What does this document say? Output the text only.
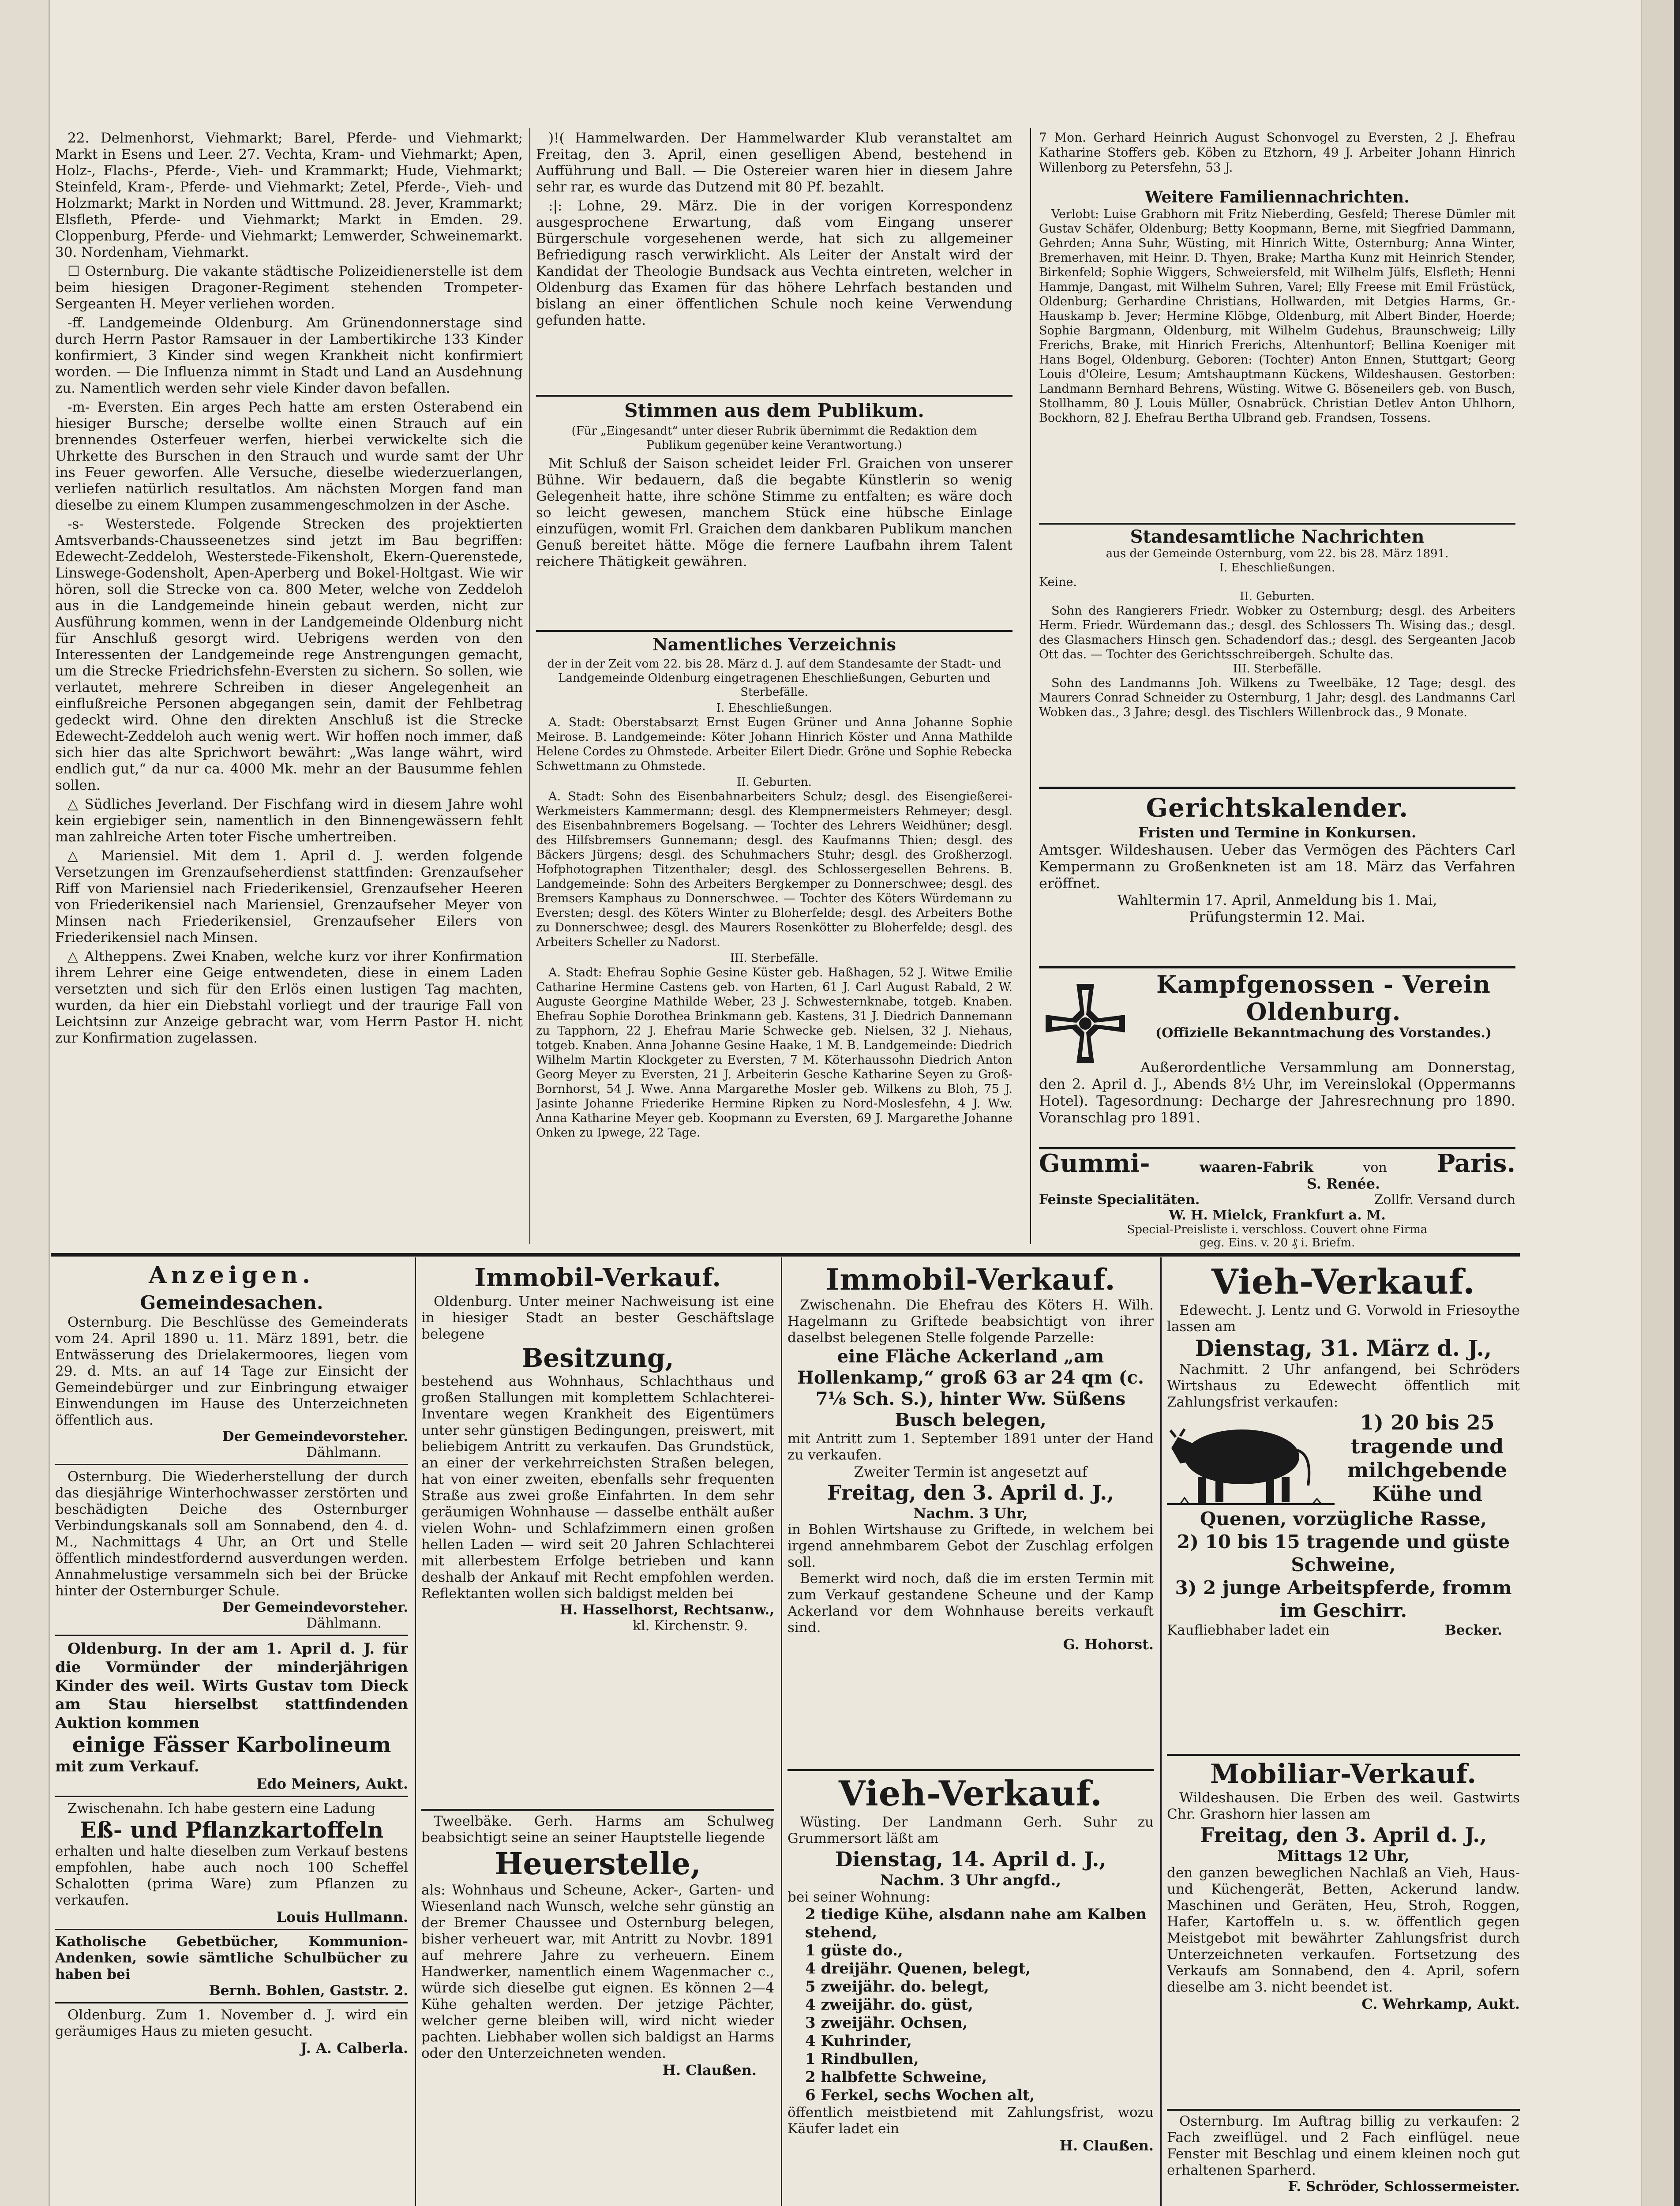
22. Delmenhorst, Viehmarkt; Barel, Pferde- und Viehmarkt; Markt in Esens und Leer. 27. Vechta, Kram- und Viehmarkt; Apen, Holz-, Flachs-, Pferde-, Vieh- und Krammarkt; Hude, Viehmarkt; Steinfeld, Kram-, Pferde- und Viehmarkt; Zetel, Pferde-, Vieh- und Holzmarkt; Markt in Norden und Wittmund. 28. Jever, Krammarkt; Elsfleth, Pferde- und Viehmarkt; Markt in Emden. 29. Cloppenburg, Pferde- und Viehmarkt; Lemwerder, Schweinemarkt. 30. Nordenham, Viehmarkt.

☐ Osternburg. Die vakante städtische Polizeidienerstelle ist dem beim hiesigen Dragoner-Regiment stehenden Trompeter-Sergeanten H. Meyer verliehen worden.

-ff. Landgemeinde Oldenburg. Am Grünendonnerstage sind durch Herrn Pastor Ramsauer in der Lambertikirche 133 Kinder konfirmiert, 3 Kinder sind wegen Krankheit nicht konfirmiert worden. — Die Influenza nimmt in Stadt und Land an Ausdehnung zu. Namentlich werden sehr viele Kinder davon befallen.

-m- Eversten. Ein arges Pech hatte am ersten Osterabend ein hiesiger Bursche; derselbe wollte einen Strauch auf ein brennendes Osterfeuer werfen, hierbei verwickelte sich die Uhrkette des Burschen in den Strauch und wurde samt der Uhr ins Feuer geworfen. Alle Versuche, dieselbe wiederzuerlangen, verliefen natürlich resultatlos. Am nächsten Morgen fand man dieselbe zu einem Klumpen zusammengeschmolzen in der Asche.

-s- Westerstede. Folgende Strecken des projektierten Amtsverbands-Chausseenetzes sind jetzt im Bau begriffen: Edewecht-Zeddeloh, Westerstede-Fikensholt, Ekern-Querenstede, Linswege-Godensholt, Apen-Aperberg und Bokel-Holtgast. Wie wir hören, soll die Strecke von ca. 800 Meter, welche von Zeddeloh aus in die Landgemeinde hinein gebaut werden, nicht zur Ausführung kommen, wenn in der Landgemeinde Oldenburg nicht für Anschluß gesorgt wird. Uebrigens werden von den Interessenten der Landgemeinde rege Anstrengungen gemacht, um die Strecke Friedrichsfehn-Eversten zu sichern. So sollen, wie verlautet, mehrere Schreiben in dieser Angelegenheit an einflußreiche Personen abgegangen sein, damit der Fehlbetrag gedeckt wird. Ohne den direkten Anschluß ist die Strecke Edewecht-Zeddeloh auch wenig wert. Wir hoffen noch immer, daß sich hier das alte Sprichwort bewährt: „Was lange währt, wird endlich gut,“ da nur ca. 4000 Mk. mehr an der Bausumme fehlen sollen.

△ Südliches Jeverland. Der Fischfang wird in diesem Jahre wohl kein ergiebiger sein, namentlich in den Binnengewässern fehlt man zahlreiche Arten toter Fische umhertreiben.

△ Mariensiel. Mit dem 1. April d. J. werden folgende Versetzungen im Grenzaufseherdienst stattfinden: Grenzaufseher Riff von Mariensiel nach Friederikensiel, Grenzaufseher Heeren von Friederikensiel nach Mariensiel, Grenzaufseher Meyer von Minsen nach Friederikensiel, Grenzaufseher Eilers von Friederikensiel nach Minsen.

△ Altheppens. Zwei Knaben, welche kurz vor ihrer Konfirmation ihrem Lehrer eine Geige entwendeten, diese in einem Laden versetzten und sich für den Erlös einen lustigen Tag machten, wurden, da hier ein Diebstahl vorliegt und der traurige Fall von Leichtsinn zur Anzeige gebracht war, vom Herrn Pastor H. nicht zur Konfirmation zugelassen.

)!( Hammelwarden. Der Hammelwarder Klub veranstaltet am Freitag, den 3. April, einen geselligen Abend, bestehend in Aufführung und Ball. — Die Ostereier waren hier in diesem Jahre sehr rar, es wurde das Dutzend mit 80 Pf. bezahlt.

:|: Lohne, 29. März. Die in der vorigen Korrespondenz ausgesprochene Erwartung, daß vom Eingang unserer Bürgerschule vorgesehenen werde, hat sich zu allgemeiner Befriedigung rasch verwirklicht. Als Leiter der Anstalt wird der Kandidat der Theologie Bundsack aus Vechta eintreten, welcher in Oldenburg das Examen für das höhere Lehrfach bestanden und bislang an einer öffentlichen Schule noch keine Verwendung gefunden hatte.

Stimmen aus dem Publikum.
(Für „Eingesandt“ unter dieser Rubrik übernimmt die Redaktion dem Publikum gegenüber keine Verantwortung.)
Mit Schluß der Saison scheidet leider Frl. Graichen von unserer Bühne. Wir bedauern, daß die begabte Künstlerin so wenig Gelegenheit hatte, ihre schöne Stimme zu entfalten; es wäre doch so leicht gewesen, manchem Stück eine hübsche Einlage einzufügen, womit Frl. Graichen dem dankbaren Publikum manchen Genuß bereitet hätte. Möge die fernere Laufbahn ihrem Talent reichere Thätigkeit gewähren.
Namentliches Verzeichnis
der in der Zeit vom 22. bis 28. März d. J. auf dem Standesamte der Stadt- und Landgemeinde Oldenburg eingetragenen Eheschließungen, Geburten und Sterbefälle.
I. Eheschließungen.
A. Stadt: Oberstabsarzt Ernst Eugen Grüner und Anna Johanne Sophie Meirose. B. Landgemeinde: Köter Johann Hinrich Köster und Anna Mathilde Helene Cordes zu Ohmstede. Arbeiter Eilert Diedr. Gröne und Sophie Rebecka Schwettmann zu Ohmstede.
II. Geburten.
A. Stadt: Sohn des Eisenbahnarbeiters Schulz; desgl. des Eisengießerei-Werkmeisters Kammermann; desgl. des Klempnermeisters Rehmeyer; desgl. des Eisenbahnbremers Bogelsang. — Tochter des Lehrers Weidhüner; desgl. des Hilfsbremsers Gunnemann; desgl. des Kaufmanns Thien; desgl. des Bäckers Jürgens; desgl. des Schuhmachers Stuhr; desgl. des Großherzogl. Hofphotographen Titzenthaler; desgl. des Schlossergesellen Behrens. B. Landgemeinde: Sohn des Arbeiters Bergkemper zu Donnerschwee; desgl. des Bremsers Kamphaus zu Donnerschwee. — Tochter des Köters Würdemann zu Eversten; desgl. des Köters Winter zu Bloherfelde; desgl. des Arbeiters Bothe zu Donnerschwee; desgl. des Maurers Rosenkötter zu Bloherfelde; desgl. des Arbeiters Scheller zu Nadorst.
III. Sterbefälle.
A. Stadt: Ehefrau Sophie Gesine Küster geb. Haßhagen, 52 J. Witwe Emilie Catharine Hermine Castens geb. von Harten, 61 J. Carl August Rabald, 2 W. Auguste Georgine Mathilde Weber, 23 J. Schwesternknabe, totgeb. Knaben. Ehefrau Sophie Dorothea Brinkmann geb. Kastens, 31 J. Diedrich Dannemann zu Tapphorn, 22 J. Ehefrau Marie Schwecke geb. Nielsen, 32 J. Niehaus, totgeb. Knaben. Anna Johanne Gesine Haake, 1 M. B. Landgemeinde: Diedrich Wilhelm Martin Klockgeter zu Eversten, 7 M. Köterhaussohn Diedrich Anton Georg Meyer zu Eversten, 21 J. Arbeiterin Gesche Katharine Seyen zu Groß-Bornhorst, 54 J. Wwe. Anna Margarethe Mosler geb. Wilkens zu Bloh, 75 J. Jasinte Johanne Friederike Hermine Ripken zu Nord-Moslesfehn, 4 J. Ww. Anna Katharine Meyer geb. Koopmann zu Eversten, 69 J. Margarethe Johanne Onken zu Ipwege, 22 Tage.
7 Mon. Gerhard Heinrich August Schonvogel zu Eversten, 2 J. Ehefrau Katharine Stoffers geb. Köben zu Etzhorn, 49 J. Arbeiter Johann Hinrich Willenborg zu Petersfehn, 53 J.
Weitere Familiennachrichten.
Verlobt: Luise Grabhorn mit Fritz Nieberding, Gesfeld; Therese Dümler mit Gustav Schäfer, Oldenburg; Betty Koopmann, Berne, mit Siegfried Dammann, Gehrden; Anna Suhr, Wüsting, mit Hinrich Witte, Osternburg; Anna Winter, Bremerhaven, mit Heinr. D. Thyen, Brake; Martha Kunz mit Heinrich Stender, Birkenfeld; Sophie Wiggers, Schweiersfeld, mit Wilhelm Jülfs, Elsfleth; Henni Hammje, Dangast, mit Wilhelm Suhren, Varel; Elly Freese mit Emil Früstück, Oldenburg; Gerhardine Christians, Hollwarden, mit Detgies Harms, Gr.-Hauskamp b. Jever; Hermine Klöbge, Oldenburg, mit Albert Binder, Hoerde; Sophie Bargmann, Oldenburg, mit Wilhelm Gudehus, Braunschweig; Lilly Frerichs, Brake, mit Hinrich Frerichs, Altenhuntorf; Bellina Koeniger mit Hans Bogel, Oldenburg. Geboren: (Tochter) Anton Ennen, Stuttgart; Georg Louis d'Oleire, Lesum; Amtshauptmann Kückens, Wildeshausen. Gestorben: Landmann Bernhard Behrens, Wüsting. Witwe G. Böseneilers geb. von Busch, Stollhamm, 80 J. Louis Müller, Osnabrück. Christian Detlev Anton Uhlhorn, Bockhorn, 82 J. Ehefrau Bertha Ulbrand geb. Frandsen, Tossens.
Standesamtliche Nachrichten
aus der Gemeinde Osternburg, vom 22. bis 28. März 1891.
I. Eheschließungen.
Keine.
II. Geburten.
Sohn des Rangierers Friedr. Wobker zu Osternburg; desgl. des Arbeiters Herm. Friedr. Würdemann das.; desgl. des Schlossers Th. Wising das.; desgl. des Glasmachers Hinsch gen. Schadendorf das.; desgl. des Sergeanten Jacob Ott das. — Tochter des Gerichtsschreibergeh. Schulte das.
III. Sterbefälle.
Sohn des Landmanns Joh. Wilkens zu Tweelbäke, 12 Tage; desgl. des Maurers Conrad Schneider zu Osternburg, 1 Jahr; desgl. des Landmanns Carl Wobken das., 3 Jahre; desgl. des Tischlers Willenbrock das., 9 Monate.
Gerichtskalender.
Fristen und Termine in Konkursen.
Amtsger. Wildeshausen. Ueber das Vermögen des Pächters Carl Kempermann zu Großenkneten ist am 18. März das Verfahren eröffnet.
Wahltermin 17. April, Anmeldung bis 1. Mai,
Prüfungstermin 12. Mai.
Kampfgenossen - Verein
Oldenburg.
(Offizielle Bekanntmachung des Vorstandes.)
Außerordentliche Versammlung am Donnerstag, den 2. April d. J., Abends 8½ Uhr, im Vereinslokal (Oppermanns Hotel). Tagesordnung: Decharge der Jahresrechnung pro 1890. Voranschlag pro 1891.
Gummi-	waaren-Fabrik	von Paris.
S. Renée.
Feinste Specialitäten.	Zollfr. Versand durch
W. H. Mielck, Frankfurt a. M.
Special-Preisliste i. verschloss. Couvert ohne Firma
geg. Eins. v. 20 ₰ i. Briefm.
Anzeigen.
Gemeindesachen.
Osternburg. Die Beschlüsse des Gemeinderats vom 24. April 1890 u. 11. März 1891, betr. die Entwässerung des Drielakermoores, liegen vom 29. d. Mts. an auf 14 Tage zur Einsicht der Gemeindebürger und zur Einbringung etwaiger Einwendungen im Hause des Unterzeichneten öffentlich aus.
Der Gemeindevorsteher.
Dählmann.
Osternburg. Die Wiederherstellung der durch das diesjährige Winterhochwasser zerstörten und beschädigten Deiche des Osternburger Verbindungskanals soll am Sonnabend, den 4. d. M., Nachmittags 4 Uhr, an Ort und Stelle öffentlich mindestfordernd ausverdungen werden. Annahmelustige versammeln sich bei der Brücke hinter der Osternburger Schule.
Der Gemeindevorsteher.
Dählmann.
Oldenburg. In der am 1. April d. J. für die Vormünder der minderjährigen Kinder des weil. Wirts Gustav tom Dieck am Stau hierselbst stattfindenden Auktion kommen
einige Fässer Karbolineum
mit zum Verkauf.
Edo Meiners, Aukt.
Zwischenahn. Ich habe gestern eine Ladung
Eß- und Pflanzkartoffeln
erhalten und halte dieselben zum Verkauf bestens empfohlen, habe auch noch 100 Scheffel Schalotten (prima Ware) zum Pflanzen zu verkaufen.
Louis Hullmann.
Katholische Gebetbücher, Kommunion-Andenken, sowie sämtliche Schulbücher zu haben bei
Bernh. Bohlen, Gaststr. 2.
Oldenburg. Zum 1. November d. J. wird ein geräumiges Haus zu mieten gesucht.
J. A. Calberla.
Immobil-Verkauf.
Oldenburg. Unter meiner Nachweisung ist eine in hiesiger Stadt an bester Geschäftslage belegene
Besitzung,
bestehend aus Wohnhaus, Schlachthaus und großen Stallungen mit komplettem Schlachterei-Inventare wegen Krankheit des Eigentümers unter sehr günstigen Bedingungen, preiswert, mit beliebigem Antritt zu verkaufen. Das Grundstück, an einer der verkehrreichsten Straßen belegen, hat von einer zweiten, ebenfalls sehr frequenten Straße aus zwei große Einfahrten. In dem sehr geräumigen Wohnhause — dasselbe enthält außer vielen Wohn- und Schlafzimmern einen großen hellen Laden — wird seit 20 Jahren Schlachterei mit allerbestem Erfolge betrieben und kann deshalb der Ankauf mit Recht empfohlen werden. Reflektanten wollen sich baldigst melden bei
H. Hasselhorst, Rechtsanw.,
kl. Kirchenstr. 9.
Tweelbäke. Gerh. Harms am Schulweg beabsichtigt seine an seiner Hauptstelle liegende
Heuerstelle,
als: Wohnhaus und Scheune, Acker-, Garten- und Wiesenland nach Wunsch, welche sehr günstig an der Bremer Chaussee und Osternburg belegen, bisher verheuert war, mit Antritt zu Novbr. 1891 auf mehrere Jahre zu verheuern. Einem Handwerker, namentlich einem Wagenmacher c., würde sich dieselbe gut eignen. Es können 2—4 Kühe gehalten werden. Der jetzige Pächter, welcher gerne bleiben will, wird nicht wieder pachten. Liebhaber wollen sich baldigst an Harms oder den Unterzeichneten wenden.
H. Claußen.
Immobil-Verkauf.
Zwischenahn. Die Ehefrau des Köters H. Wilh. Hagelmann zu Griftede beabsichtigt von ihrer daselbst belegenen Stelle folgende Parzelle:
eine Fläche Ackerland „am Hollenkamp,“ groß 63 ar 24 qm (c. 7⅛ Sch. S.), hinter Ww. Süßens Busch belegen,
mit Antritt zum 1. September 1891 unter der Hand zu verkaufen.
Zweiter Termin ist angesetzt auf
Freitag, den 3. April d. J.,
Nachm. 3 Uhr,
in Bohlen Wirtshause zu Griftede, in welchem bei irgend annehmbarem Gebot der Zuschlag erfolgen soll.
Bemerkt wird noch, daß die im ersten Termin mit zum Verkauf gestandene Scheune und der Kamp Ackerland vor dem Wohnhause bereits verkauft sind.
G. Hohorst.
Vieh-Verkauf.
Wüsting. Der Landmann Gerh. Suhr zu Grummersort läßt am
Dienstag, 14. April d. J.,
Nachm. 3 Uhr angfd.,
bei seiner Wohnung:
2 tiedige Kühe, alsdann nahe am Kalben stehend,
1 güste do.,
4 dreijähr. Quenen, belegt,
5 zweijähr. do. belegt,
4 zweijähr. do. güst,
3 zweijähr. Ochsen,
4 Kuhrinder,
1 Rindbullen,
2 halbfette Schweine,
6 Ferkel, sechs Wochen alt,
öffentlich meistbietend mit Zahlungsfrist, wozu Käufer ladet ein
H. Claußen.
Vieh-Verkauf.
Edewecht. J. Lentz und G. Vorwold in Friesoythe lassen am
Dienstag, 31. März d. J.,
Nachmitt. 2 Uhr anfangend, bei Schröders Wirtshaus zu Edewecht öffentlich mit Zahlungsfrist verkaufen:
1) 20 bis 25 tragende und milchgebende Kühe und
Quenen, vorzügliche Rasse,
2) 10 bis 15 tragende und güste Schweine,
3) 2 junge Arbeitspferde, fromm im Geschirr.
Kaufliebhaber ladet ein	Becker.
Mobiliar-Verkauf.
Wildeshausen. Die Erben des weil. Gastwirts Chr. Grashorn hier lassen am
Freitag, den 3. April d. J.,
Mittags 12 Uhr,
den ganzen beweglichen Nachlaß an Vieh, Haus- und Küchengerät, Betten, Ackerund landw. Maschinen und Geräten, Heu, Stroh, Roggen, Hafer, Kartoffeln u. s. w. öffentlich gegen Meistgebot mit bewährter Zahlungsfrist durch Unterzeichneten verkaufen. Fortsetzung des Verkaufs am Sonnabend, den 4. April, sofern dieselbe am 3. nicht beendet ist.
C. Wehrkamp, Aukt.
Osternburg. Im Auftrag billig zu verkaufen: 2 Fach zweiflügel. und 2 Fach einflügel. neue Fenster mit Beschlag und einem kleinen noch gut erhaltenen Sparherd.
F. Schröder, Schlossermeister.
